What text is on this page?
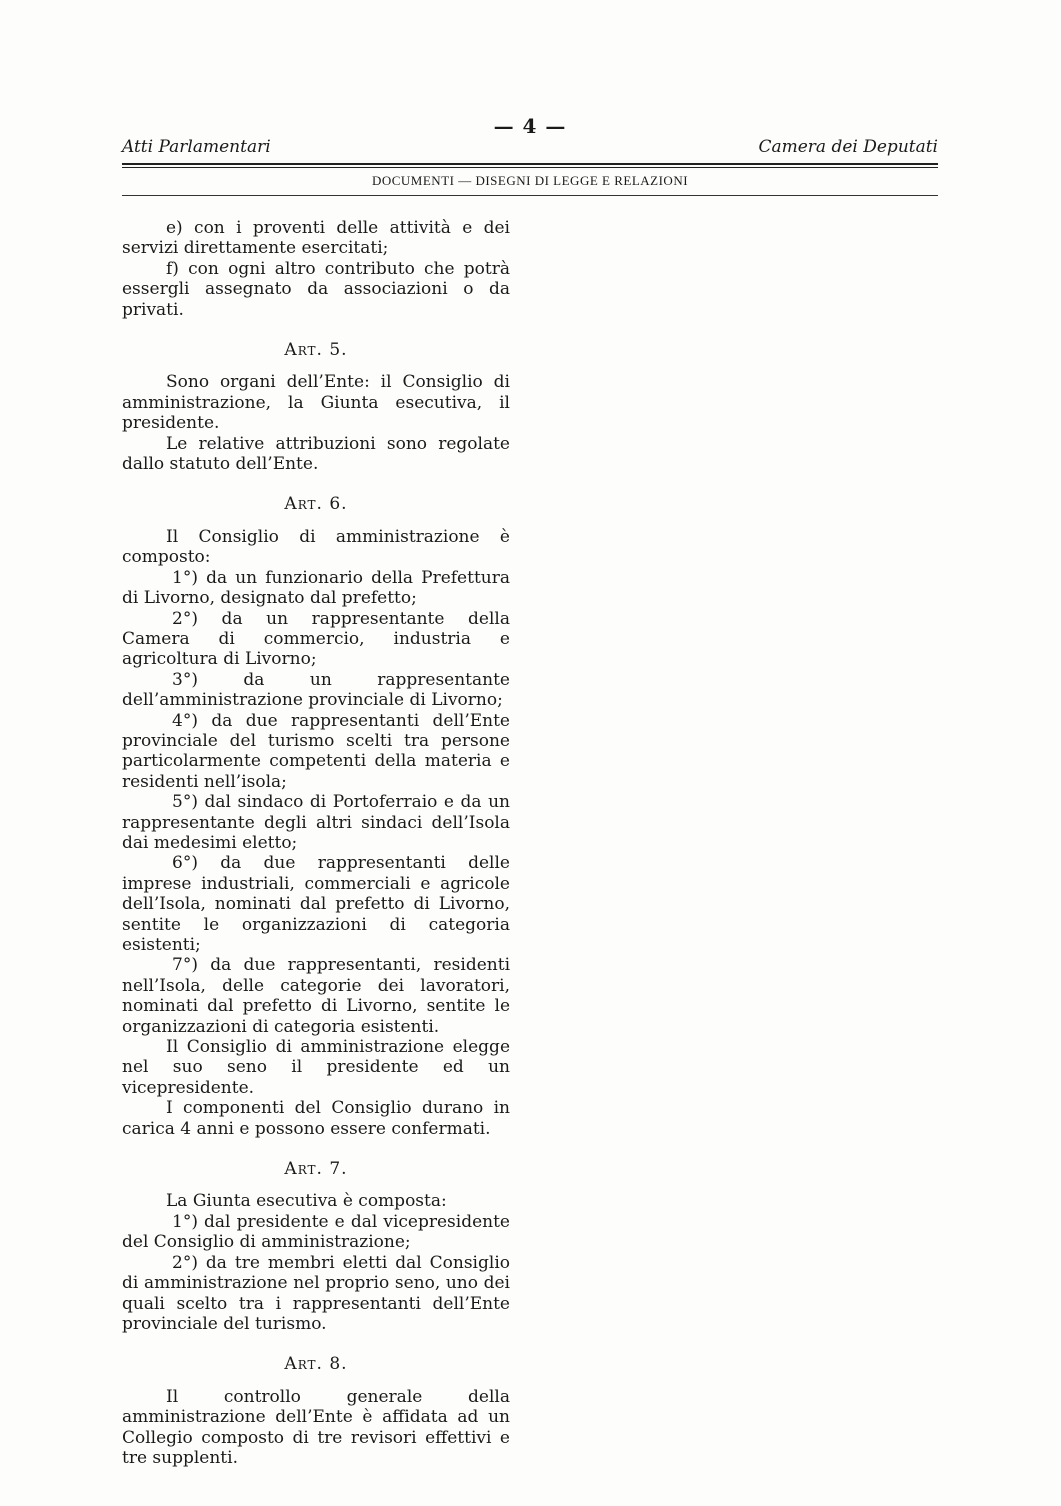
— 4 —
Atti Parlamentari	Camera dei Deputati
DOCUMENTI — DISEGNI DI LEGGE E RELAZIONI

e) con i proventi delle attività e dei servizi direttamente esercitati;

f) con ogni altro contributo che potrà essergli assegnato da associazioni o da privati.

Art. 5.

Sono organi dell’Ente: il Consiglio di amministrazione, la Giunta esecutiva, il presidente.

Le relative attribuzioni sono regolate dallo statuto dell’Ente.

Art. 6.

Il Consiglio di amministrazione è composto:

1°) da un funzionario della Prefettura di Livorno, designato dal prefetto;

2°) da un rappresentante della Camera di commercio, industria e agricoltura di Livorno;

3°) da un rappresentante dell’amministrazione provinciale di Livorno;

4°) da due rappresentanti dell’Ente provinciale del turismo scelti tra persone particolarmente competenti della materia e residenti nell’isola;

5°) dal sindaco di Portoferraio e da un rappresentante degli altri sindaci dell’Isola dai medesimi eletto;

6°) da due rappresentanti delle imprese industriali, commerciali e agricole dell’Isola, nominati dal prefetto di Livorno, sentite le organizzazioni di categoria esistenti;

7°) da due rappresentanti, residenti nell’Isola, delle categorie dei lavoratori, nominati dal prefetto di Livorno, sentite le organizzazioni di categoria esistenti.

Il Consiglio di amministrazione elegge nel suo seno il presidente ed un vicepresidente.

I componenti del Consiglio durano in carica 4 anni e possono essere confermati.

Art. 7.

La Giunta esecutiva è composta:

1°) dal presidente e dal vicepresidente del Consiglio di amministrazione;

2°) da tre membri eletti dal Consiglio di amministrazione nel proprio seno, uno dei quali scelto tra i rappresentanti dell’Ente provinciale del turismo.

Art. 8.

Il controllo generale della amministrazione dell’Ente è affidata ad un Collegio composto di tre revisori effettivi e tre supplenti.
